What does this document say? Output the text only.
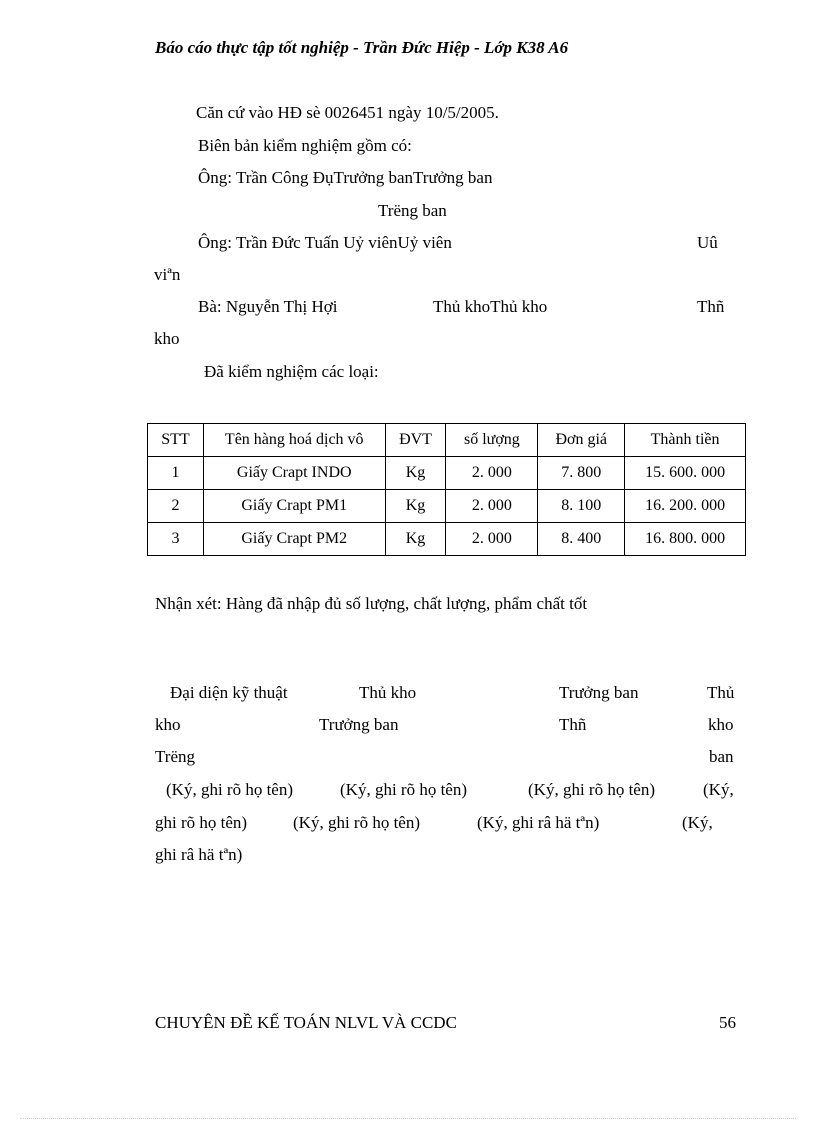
Báo cáo thực tập tốt nghiệp - Trần Đức Hiệp - Lớp K38 A6
Căn cứ vào HĐ sè 0026451 ngày 10/5/2005.
Biên bản kiểm nghiệm gồm có:
Ông: Trần Công ĐụTrưởng banTrưởng ban
Trëng ban
Ông: Trần Đức Tuấn Uỷ viênUỷ viên	Uû
viªn
Bà: Nguyễn Thị Hợi	Thủ khoThủ kho	Thñ
kho
Đã kiểm nghiệm các loại:
STT	Tên hàng hoá dịch vô	ĐVT	số lượng	Đơn giá	Thành tiền
1	Giấy Crapt INDO	Kg	2. 000	7. 800	15. 600. 000
2	Giấy Crapt PM1	Kg	2. 000	8. 100	16. 200. 000
3	Giấy Crapt PM2	Kg	2. 000	8. 400	16. 800. 000
Nhận xét: Hàng đã nhập đủ số lượng, chất lượng, phẩm chất tốt
Đại diện kỹ thuật	Thủ kho	Trưởng ban	Thủ
kho	Trưởng ban	Thñ	kho
Trëng	ban
(Ký, ghi rõ họ tên)	(Ký, ghi rõ họ tên)	(Ký, ghi rõ họ tên)	(Ký,
ghi rõ họ tên)	(Ký, ghi rõ họ tên)	(Ký, ghi râ hä tªn)	(Ký,
ghi râ hä tªn)
CHUYÊN ĐỀ KẾ TOÁN NLVL VÀ CCDC	56
